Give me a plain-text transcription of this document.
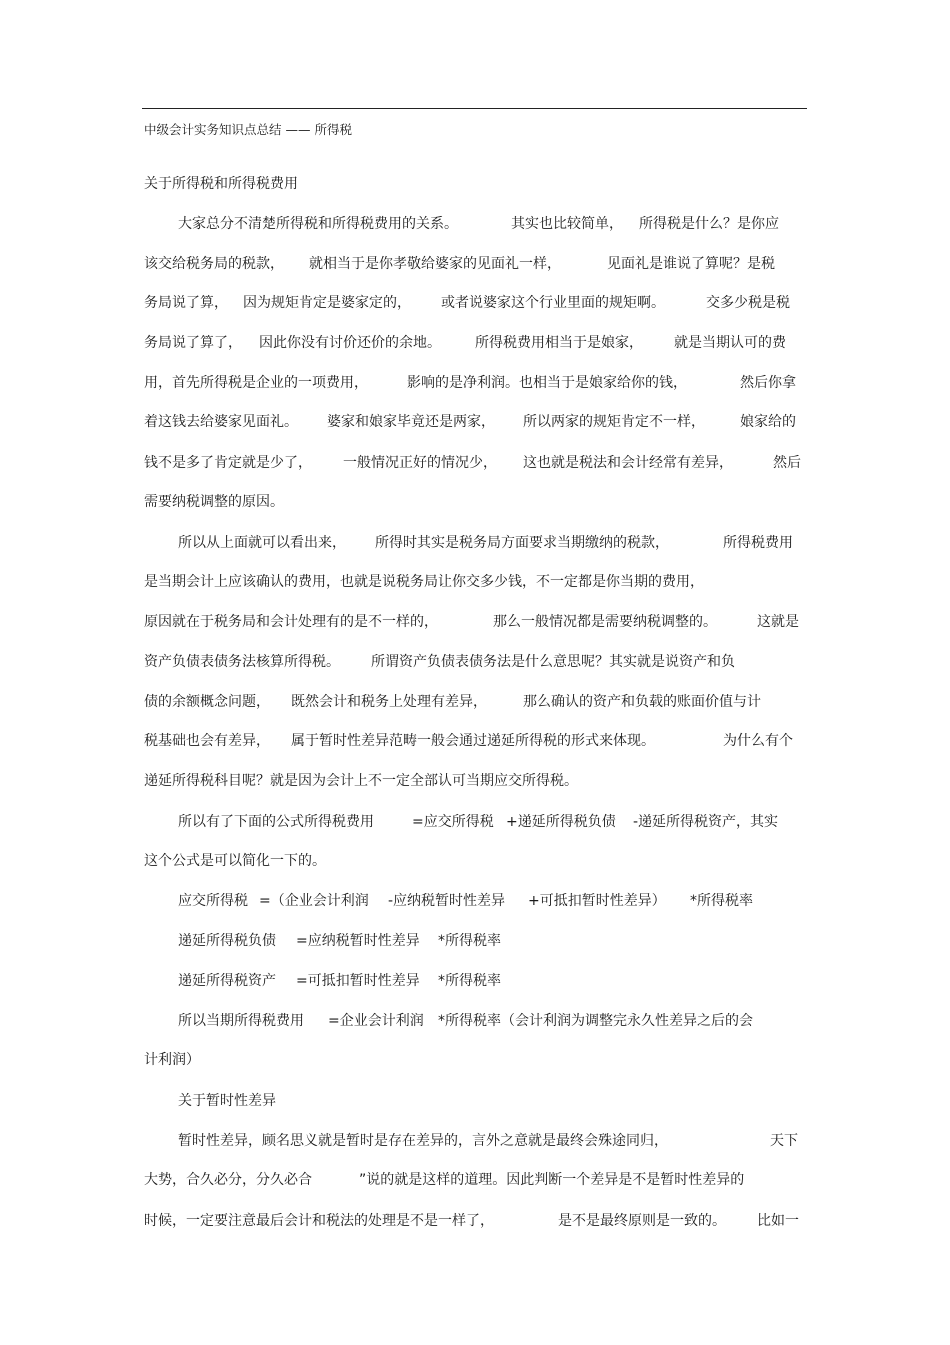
中级会计实务知识点总结 —— 所得税
关于所得税和所得税费用
大家总分不清楚所得税和所得税费用的关系。	其实也比较简单， 所得税是什么？是你应
该交给税务局的税款， 就相当于是你孝敬给婆家的见面礼一样，	见面礼是谁说了算呢？是税
务局说了算， 因为规矩肯定是婆家定的， 或者说婆家这个行业里面的规矩啊。	交多少税是税
务局说了算了， 因此你没有讨价还价的余地。 所得税费用相当于是娘家， 就是当期认可的费
用，首先所得税是企业的一项费用，	影响的是净利润。也相当于是娘家给你的钱，	然后你拿
着这钱去给婆家见面礼。 婆家和娘家毕竟还是两家， 所以两家的规矩肯定不一样，	娘家给的
钱不是多了肯定就是少了， 一般情况正好的情况少， 这也就是税法和会计经常有差异，	然后
需要纳税调整的原因。
所以从上面就可以看出来， 所得时其实是税务局方面要求当期缴纳的税款，	所得税费用
是当期会计上应该确认的费用，也就是说税务局让你交多少钱，不一定都是你当期的费用，
原因就在于税务局和会计处理有的是不一样的，	那么一般情况都是需要纳税调整的。	这就是
资产负债表债务法核算所得税。 所谓资产负债表债务法是什么意思呢？其实就是说资产和负
债的余额概念问题， 既然会计和税务上处理有差异，	那么确认的资产和负载的账面价值与计
税基础也会有差异， 属于暂时性差异范畴一般会通过递延所得税的形式来体现。	为什么有个
递延所得税科目呢？就是因为会计上不一定全部认可当期应交所得税。
所以有了下面的公式所得税费用	=应交所得税 +递延所得税负债 -递延所得税资产，其实
这个公式是可以简化一下的。
应交所得税 =（企业会计利润 -应纳税暂时性差异 +可抵扣暂时性差异） *所得税率
递延所得税负债 =应纳税暂时性差异 *所得税率
递延所得税资产 =可抵扣暂时性差异 *所得税率
所以当期所得税费用 =企业会计利润 *所得税率（会计利润为调整完永久性差异之后的会
计利润）
关于暂时性差异
暂时性差异，顾名思义就是暂时是存在差异的，言外之意就是最终会殊途同归，	天下
大势，合久必分，分久必合	”说的就是这样的道理。因此判断一个差异是不是暂时性差异的
时候，一定要注意最后会计和税法的处理是不是一样了，	是不是最终原则是一致的。 比如一
